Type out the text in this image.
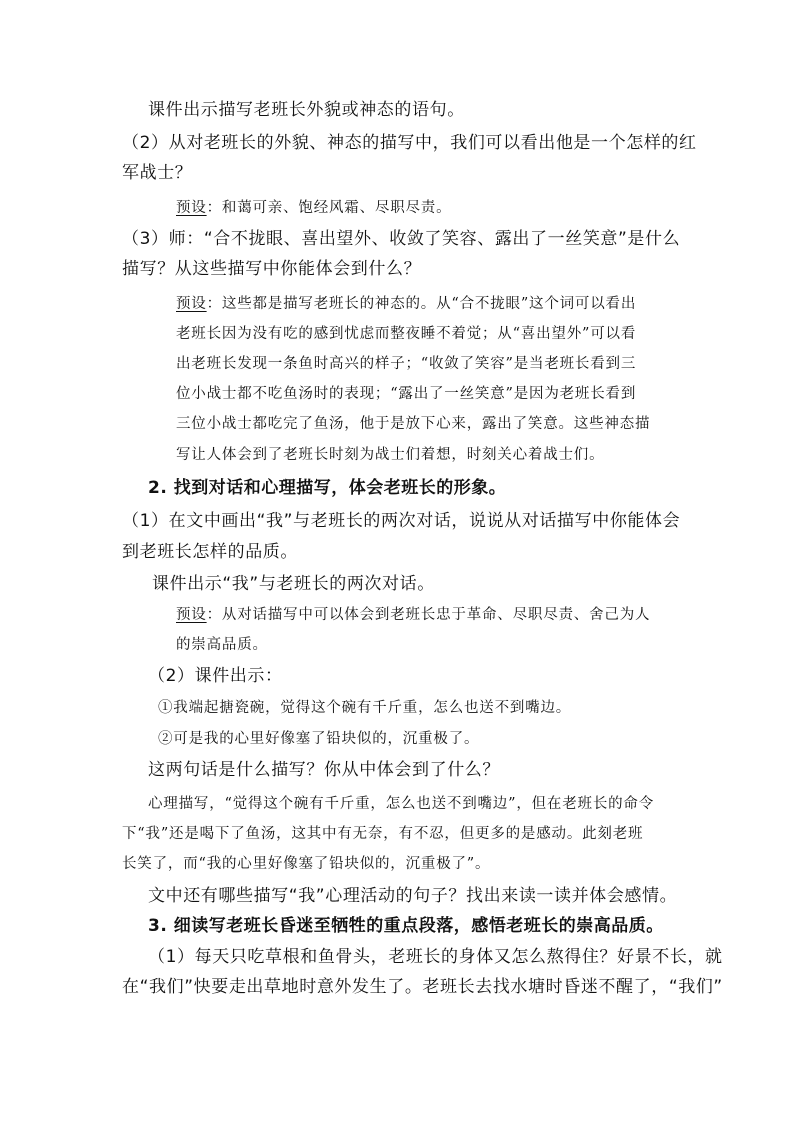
课件出示描写老班长外貌或神态的语句。
（2）从对老班长的外貌、神态的描写中，我们可以看出他是一个怎样的红
军战士？
预设：和蔼可亲、饱经风霜、尽职尽责。
（3）师：“合不拢眼、喜出望外、收敛了笑容、露出了一丝笑意”是什么
描写？从这些描写中你能体会到什么？
预设：这些都是描写老班长的神态的。从“合不拢眼”这个词可以看出
老班长因为没有吃的感到忧虑而整夜睡不着觉；从“喜出望外”可以看
出老班长发现一条鱼时高兴的样子；“收敛了笑容”是当老班长看到三
位小战士都不吃鱼汤时的表现；“露出了一丝笑意”是因为老班长看到
三位小战士都吃完了鱼汤，他于是放下心来，露出了笑意。这些神态描
写让人体会到了老班长时刻为战士们着想，时刻关心着战士们。
2. 找到对话和心理描写，体会老班长的形象。
（1）在文中画出“我”与老班长的两次对话，说说从对话描写中你能体会
到老班长怎样的品质。
课件出示“我”与老班长的两次对话。
预设：从对话描写中可以体会到老班长忠于革命、尽职尽责、舍己为人
的崇高品质。
（2）课件出示：
①我端起搪瓷碗，觉得这个碗有千斤重，怎么也送不到嘴边。
②可是我的心里好像塞了铅块似的，沉重极了。
这两句话是什么描写？你从中体会到了什么？
心理描写，“觉得这个碗有千斤重，怎么也送不到嘴边”，但在老班长的命令
下“我”还是喝下了鱼汤，这其中有无奈，有不忍，但更多的是感动。此刻老班
长笑了，而“我的心里好像塞了铅块似的，沉重极了”。
文中还有哪些描写“我”心理活动的句子？找出来读一读并体会感情。
3. 细读写老班长昏迷至牺牲的重点段落，感悟老班长的崇高品质。
（1）每天只吃草根和鱼骨头，老班长的身体又怎么熬得住？好景不长，就
在“我们”快要走出草地时意外发生了。老班长去找水塘时昏迷不醒了，“我们”
